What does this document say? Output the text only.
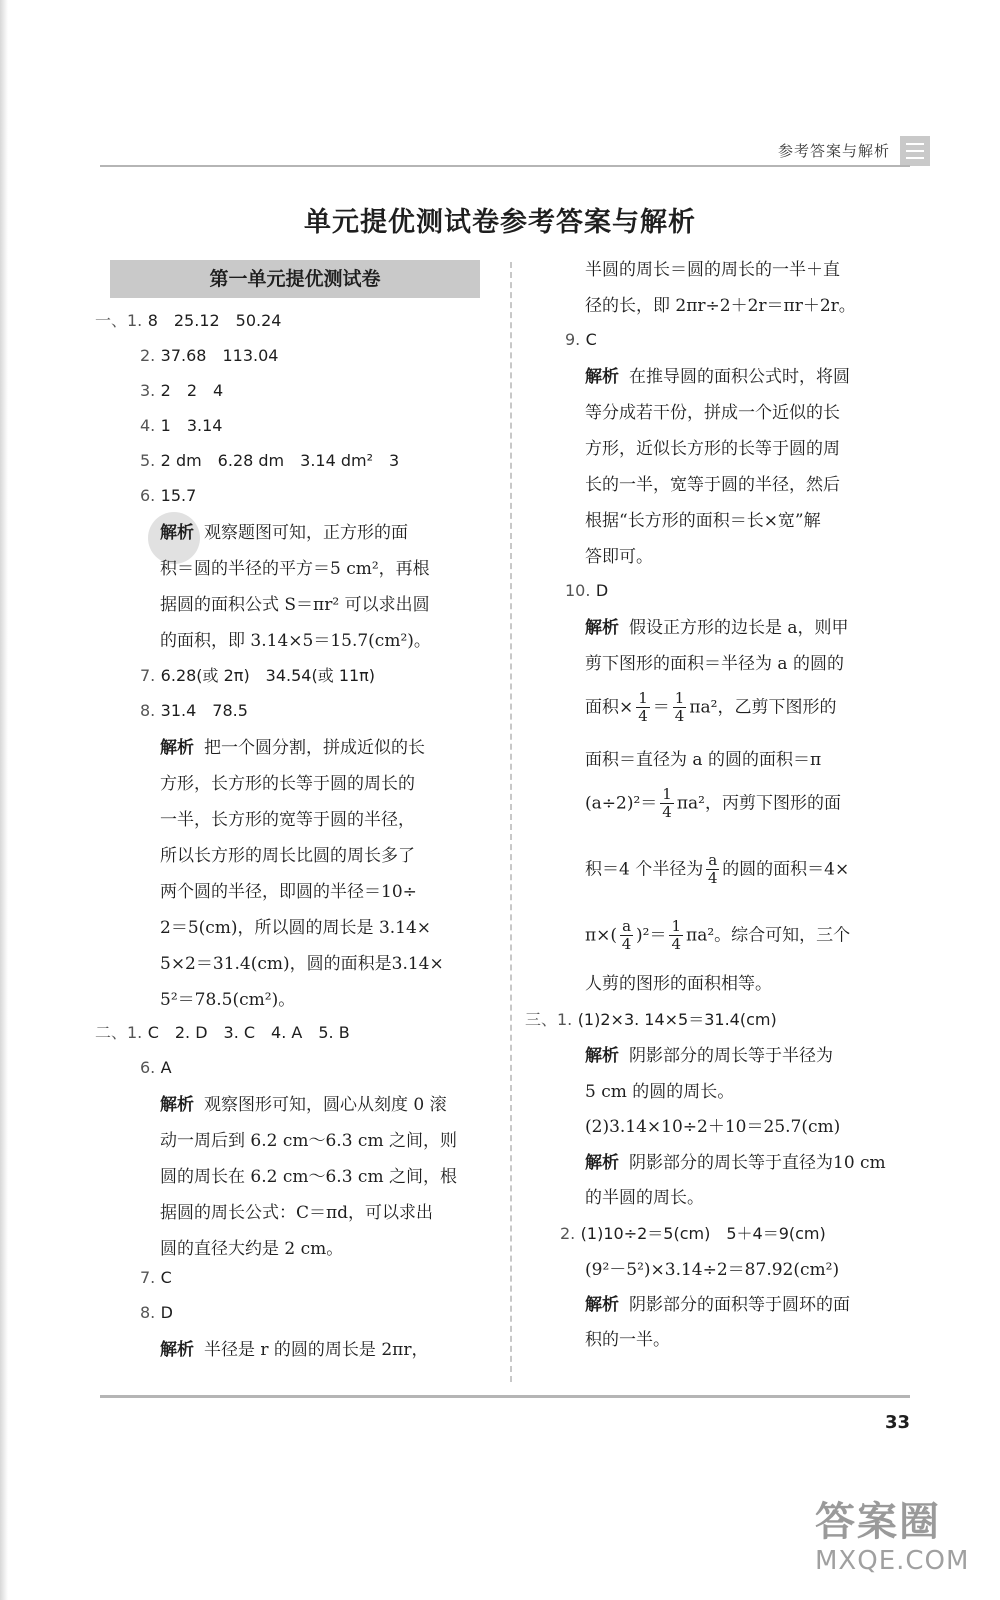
参考答案与解析
单元提优测试卷参考答案与解析
第一单元提优测试卷
一、1. 8　25.12　50.24
2. 37.68　113.04
3. 2　2　4
4. 1　3.14
5. 2 dm　6.28 dm　3.14 dm²　3
6. 15.7
解析 观察题图可知，正方形的面
积＝圆的半径的平方＝5 cm²，再根
据圆的面积公式 S＝πr² 可以求出圆
的面积，即 3.14×5＝15.7(cm²)。
7. 6.28(或 2π)　34.54(或 11π)
8. 31.4　78.5
解析 把一个圆分割，拼成近似的长
方形，长方形的长等于圆的周长的
一半，长方形的宽等于圆的半径，
所以长方形的周长比圆的周长多了
两个圆的半径，即圆的半径＝10÷
2＝5(cm)，所以圆的周长是 3.14×
5×2＝31.4(cm)，圆的面积是3.14×
5²＝78.5(cm²)。
二、1. C　2. D　3. C　4. A　5. B
6. A
解析 观察图形可知，圆心从刻度 0 滚
动一周后到 6.2 cm～6.3 cm 之间，则
圆的周长在 6.2 cm～6.3 cm 之间，根
据圆的周长公式：C＝πd，可以求出
圆的直径大约是 2 cm。
7. C
8. D
解析 半径是 r 的圆的周长是 2πr，
半圆的周长＝圆的周长的一半＋直
径的长，即 2πr÷2＋2r＝πr＋2r。
9. C
解析 在推导圆的面积公式时，将圆
等分成若干份，拼成一个近似的长
方形，近似长方形的长等于圆的周
长的一半，宽等于圆的半径，然后
根据“长方形的面积＝长×宽”解
答即可。
10. D
解析 假设正方形的边长是 a，则甲
剪下图形的面积＝半径为 a 的圆的
面积× $\frac{1}{4} = \frac{1}{4} \pi a^2$，乙剪下图形的
面积＝直径为 a 的圆的面积＝π
$(a\div 2)^2= \frac{1}{4} \pi a^2$，丙剪下图形的面
积＝4 个半径为 $\frac{a}{4}$ 的圆的面积＝4×
$\pi\times( \frac{a}{4} )^2= \frac{1}{4} \pi a^2$。综合可知，三个
人剪的图形的面积相等。
三、1. (1)2×3. 14×5＝31.4(cm)
解析 阴影部分的周长等于半径为
5 cm 的圆的周长。
(2)3.14×10÷2＋10＝25.7(cm)
解析 阴影部分的周长等于直径为10 cm
的半圆的周长。
2. (1)10÷2＝5(cm)　5＋4＝9(cm)
(9²－5²)×3.14÷2＝87.92(cm²)
解析 阴影部分的面积等于圆环的面
积的一半。
33
答案圈
MXQE.COM
